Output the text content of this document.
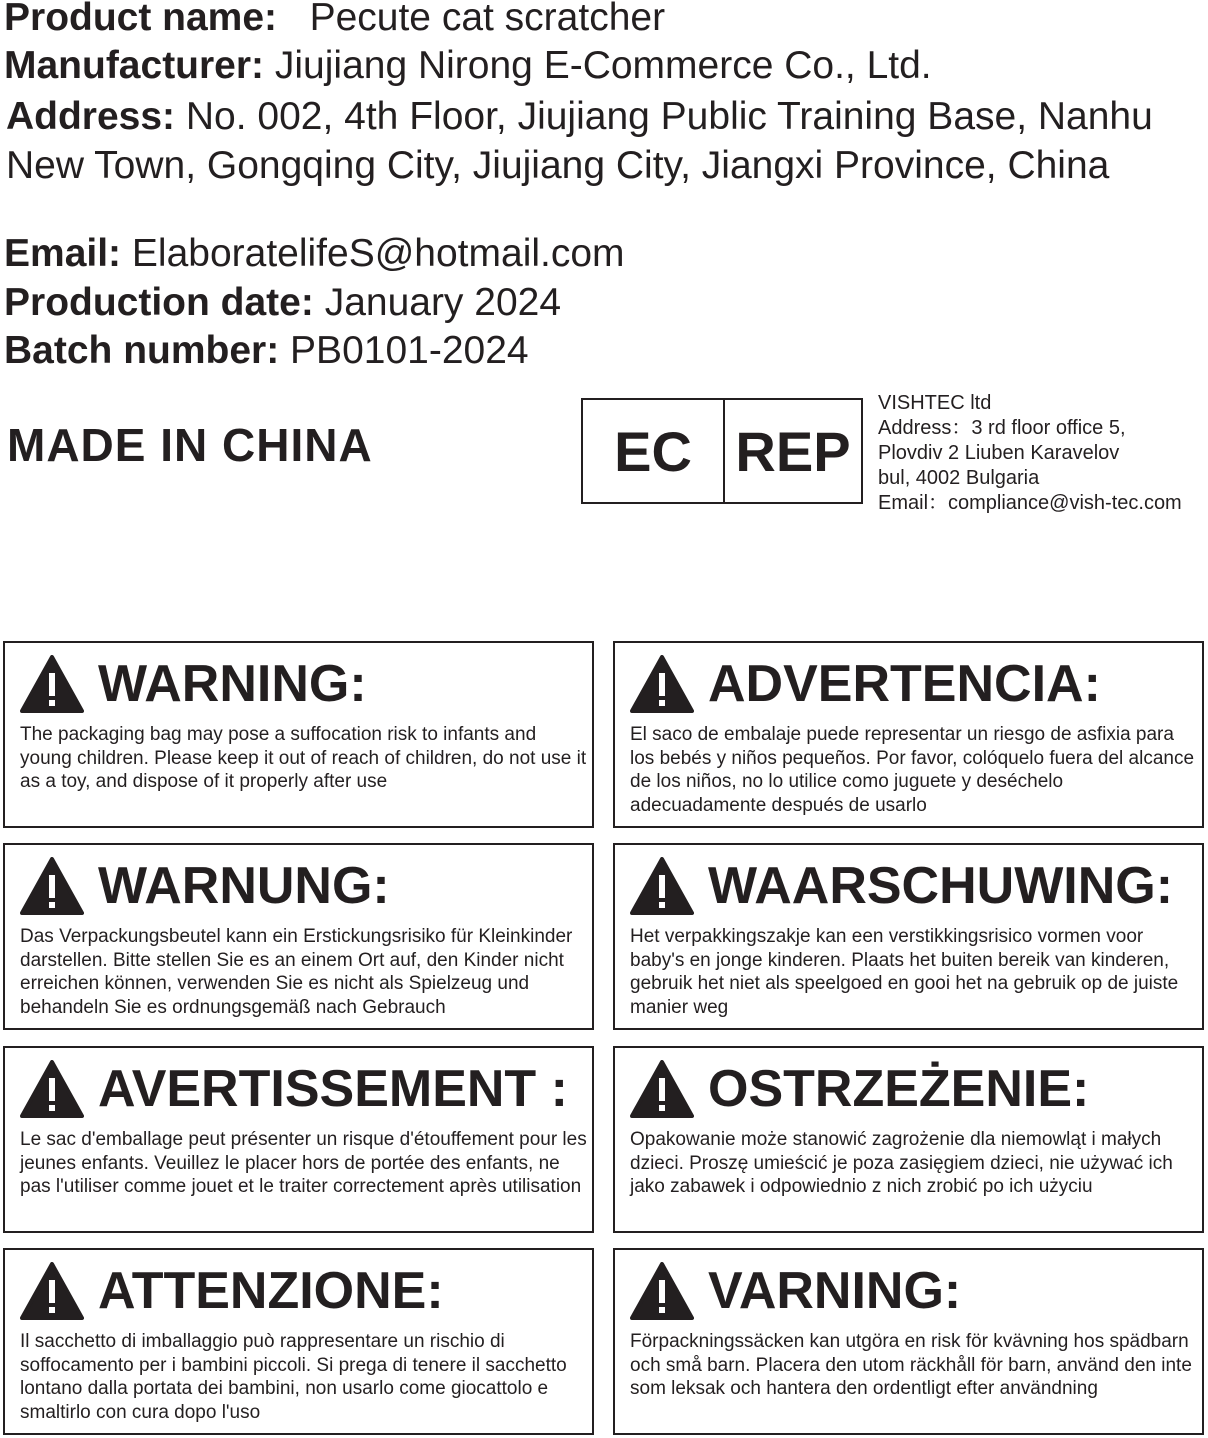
Product name: Pecute cat scratcher
Manufacturer: Jiujiang Nirong E-Commerce Co., Ltd.
Address: No. 002, 4th Floor, Jiujiang Public Training Base, Nanhu New Town, Gongqing City, Jiujiang City, Jiangxi Province, China
Email: ElaboratelifeS@hotmail.com
Production date: January 2024
Batch number: PB0101-2024
MADE IN CHINA	EC REP
VISHTEC ltd
Address：3 rd floor office 5,
Plovdiv 2 Liuben Karavelov
bul, 4002 Bulgaria
Email：compliance@vish-tec.com
WARNING:
The packaging bag may pose a suffocation risk to infants and young children. Please keep it out of reach of children, do not use it as a toy, and dispose of it properly after use
ADVERTENCIA:
El saco de embalaje puede representar un riesgo de asfixia para los bebés y niños pequeños. Por favor, colóquelo fuera del alcance de los niños, no lo utilice como juguete y deséchelo adecuadamente después de usarlo
WARNUNG:
Das Verpackungsbeutel kann ein Erstickungsrisiko für Kleinkinder darstellen. Bitte stellen Sie es an einem Ort auf, den Kinder nicht erreichen können, verwenden Sie es nicht als Spielzeug und behandeln Sie es ordnungsgemäß nach Gebrauch
WAARSCHUWING:
Het verpakkingszakje kan een verstikkingsrisico vormen voor baby's en jonge kinderen. Plaats het buiten bereik van kinderen, gebruik het niet als speelgoed en gooi het na gebruik op de juiste manier weg
AVERTISSEMENT :
Le sac d'emballage peut présenter un risque d'étouffement pour les jeunes enfants. Veuillez le placer hors de portée des enfants, ne pas l'utiliser comme jouet et le traiter correctement après utilisation
OSTRZEŻENIE:
Opakowanie może stanowić zagrożenie dla niemowląt i małych dzieci. Proszę umieścić je poza zasięgiem dzieci, nie używać ich jako zabawek i odpowiednio z nich zrobić po ich użyciu
ATTENZIONE:
Il sacchetto di imballaggio può rappresentare un rischio di soffocamento per i bambini piccoli. Si prega di tenere il sacchetto lontano dalla portata dei bambini, non usarlo come giocattolo e smaltirlo con cura dopo l'uso
VARNING:
Förpackningssäcken kan utgöra en risk för kvävning hos spädbarn och små barn. Placera den utom räckhåll för barn, använd den inte som leksak och hantera den ordentligt efter användning
